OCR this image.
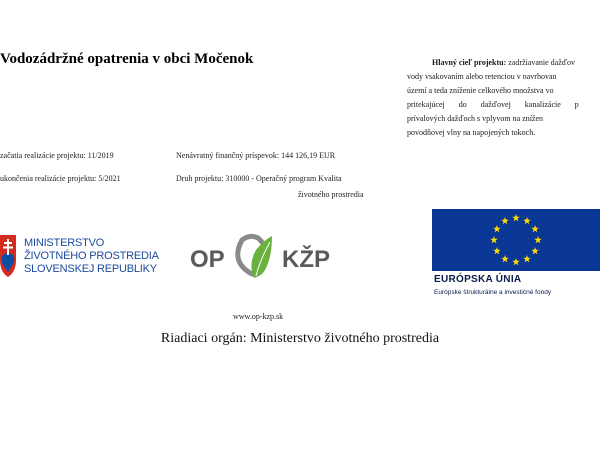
Vodozádržné opatrenia v obci Močenok	Hlavný cieľ projektu: zadržiavanie dažďov
vody vsakovaním alebo retenciou v navrhovan
území a teda zníženie celkového množstva vo
pritekajúcej do dažďovej kanalizácie p
prívalových dažďoch s vplyvom na znížen
povodňovej vlny na napojených tokoch.
začatia realizácie projektu: 11/2019
ukončenia realizácie projektu: 5/2021
Nenávratný finančný príspevok: 144 126,19 EUR
Druh projektu: 310000 - Operačný program Kvalita
životného prostredia
MINISTERSTVO
ŽIVOTNÉHO PROSTREDIA
SLOVENSKEJ REPUBLIKY OP KŽP
www.op-kzp.sk
EURÓPSKA ÚNIA
Európske štrukturálne a investičné fondy
Riadiaci orgán: Ministerstvo životného prostredia
